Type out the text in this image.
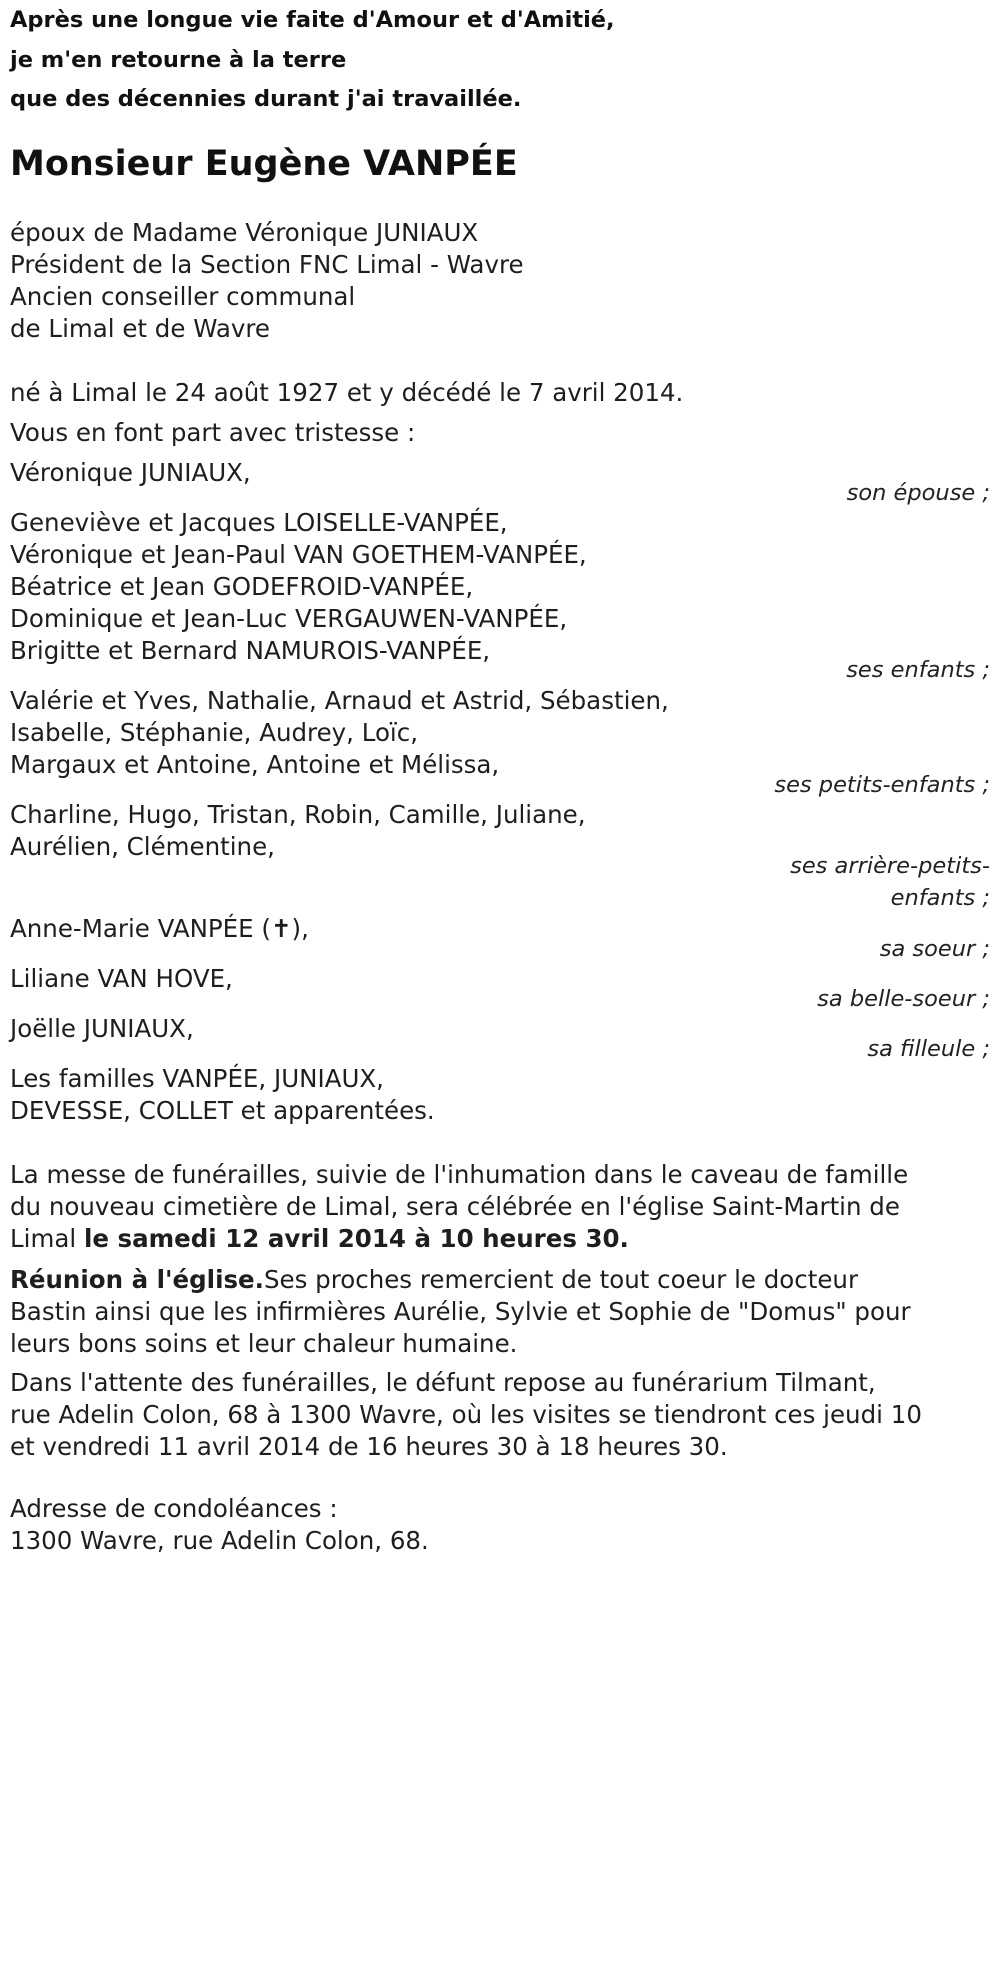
Après une longue vie faite d'Amour et d'Amitié,
je m'en retourne à la terre
que des décennies durant j'ai travaillée.
Monsieur Eugène VANPÉE
époux de Madame Véronique JUNIAUX
Président de la Section FNC Limal - Wavre
Ancien conseiller communal
de Limal et de Wavre
né à Limal le 24 août 1927 et y décédé le 7 avril 2014.
Vous en font part avec tristesse :
Véronique JUNIAUX,
son épouse ;
Geneviève et Jacques LOISELLE-VANPÉE,
Véronique et Jean-Paul VAN GOETHEM-VANPÉE,
Béatrice et Jean GODEFROID-VANPÉE,
Dominique et Jean-Luc VERGAUWEN-VANPÉE,
Brigitte et Bernard NAMUROIS-VANPÉE,
ses enfants ;
Valérie et Yves, Nathalie, Arnaud et Astrid, Sébastien,
Isabelle, Stéphanie, Audrey, Loïc,
Margaux et Antoine, Antoine et Mélissa,
ses petits-enfants ;
Charline, Hugo, Tristan, Robin, Camille, Juliane,
Aurélien, Clémentine,
ses arrière-petits-
enfants ;
Anne-Marie VANPÉE (✝),
sa soeur ;
Liliane VAN HOVE,
sa belle-soeur ;
Joëlle JUNIAUX,
sa filleule ;
Les familles VANPÉE, JUNIAUX,
DEVESSE, COLLET et apparentées.
La messe de funérailles, suivie de l'inhumation dans le caveau de famille
du nouveau cimetière de Limal, sera célébrée en l'église Saint-Martin de
Limal le samedi 12 avril 2014 à 10 heures 30.
Réunion à l'église.Ses proches remercient de tout coeur le docteur
Bastin ainsi que les infirmières Aurélie, Sylvie et Sophie de "Domus" pour
leurs bons soins et leur chaleur humaine.
Dans l'attente des funérailles, le défunt repose au funérarium Tilmant,
rue Adelin Colon, 68 à 1300 Wavre, où les visites se tiendront ces jeudi 10
et vendredi 11 avril 2014 de 16 heures 30 à 18 heures 30.
Adresse de condoléances :
1300 Wavre, rue Adelin Colon, 68.
